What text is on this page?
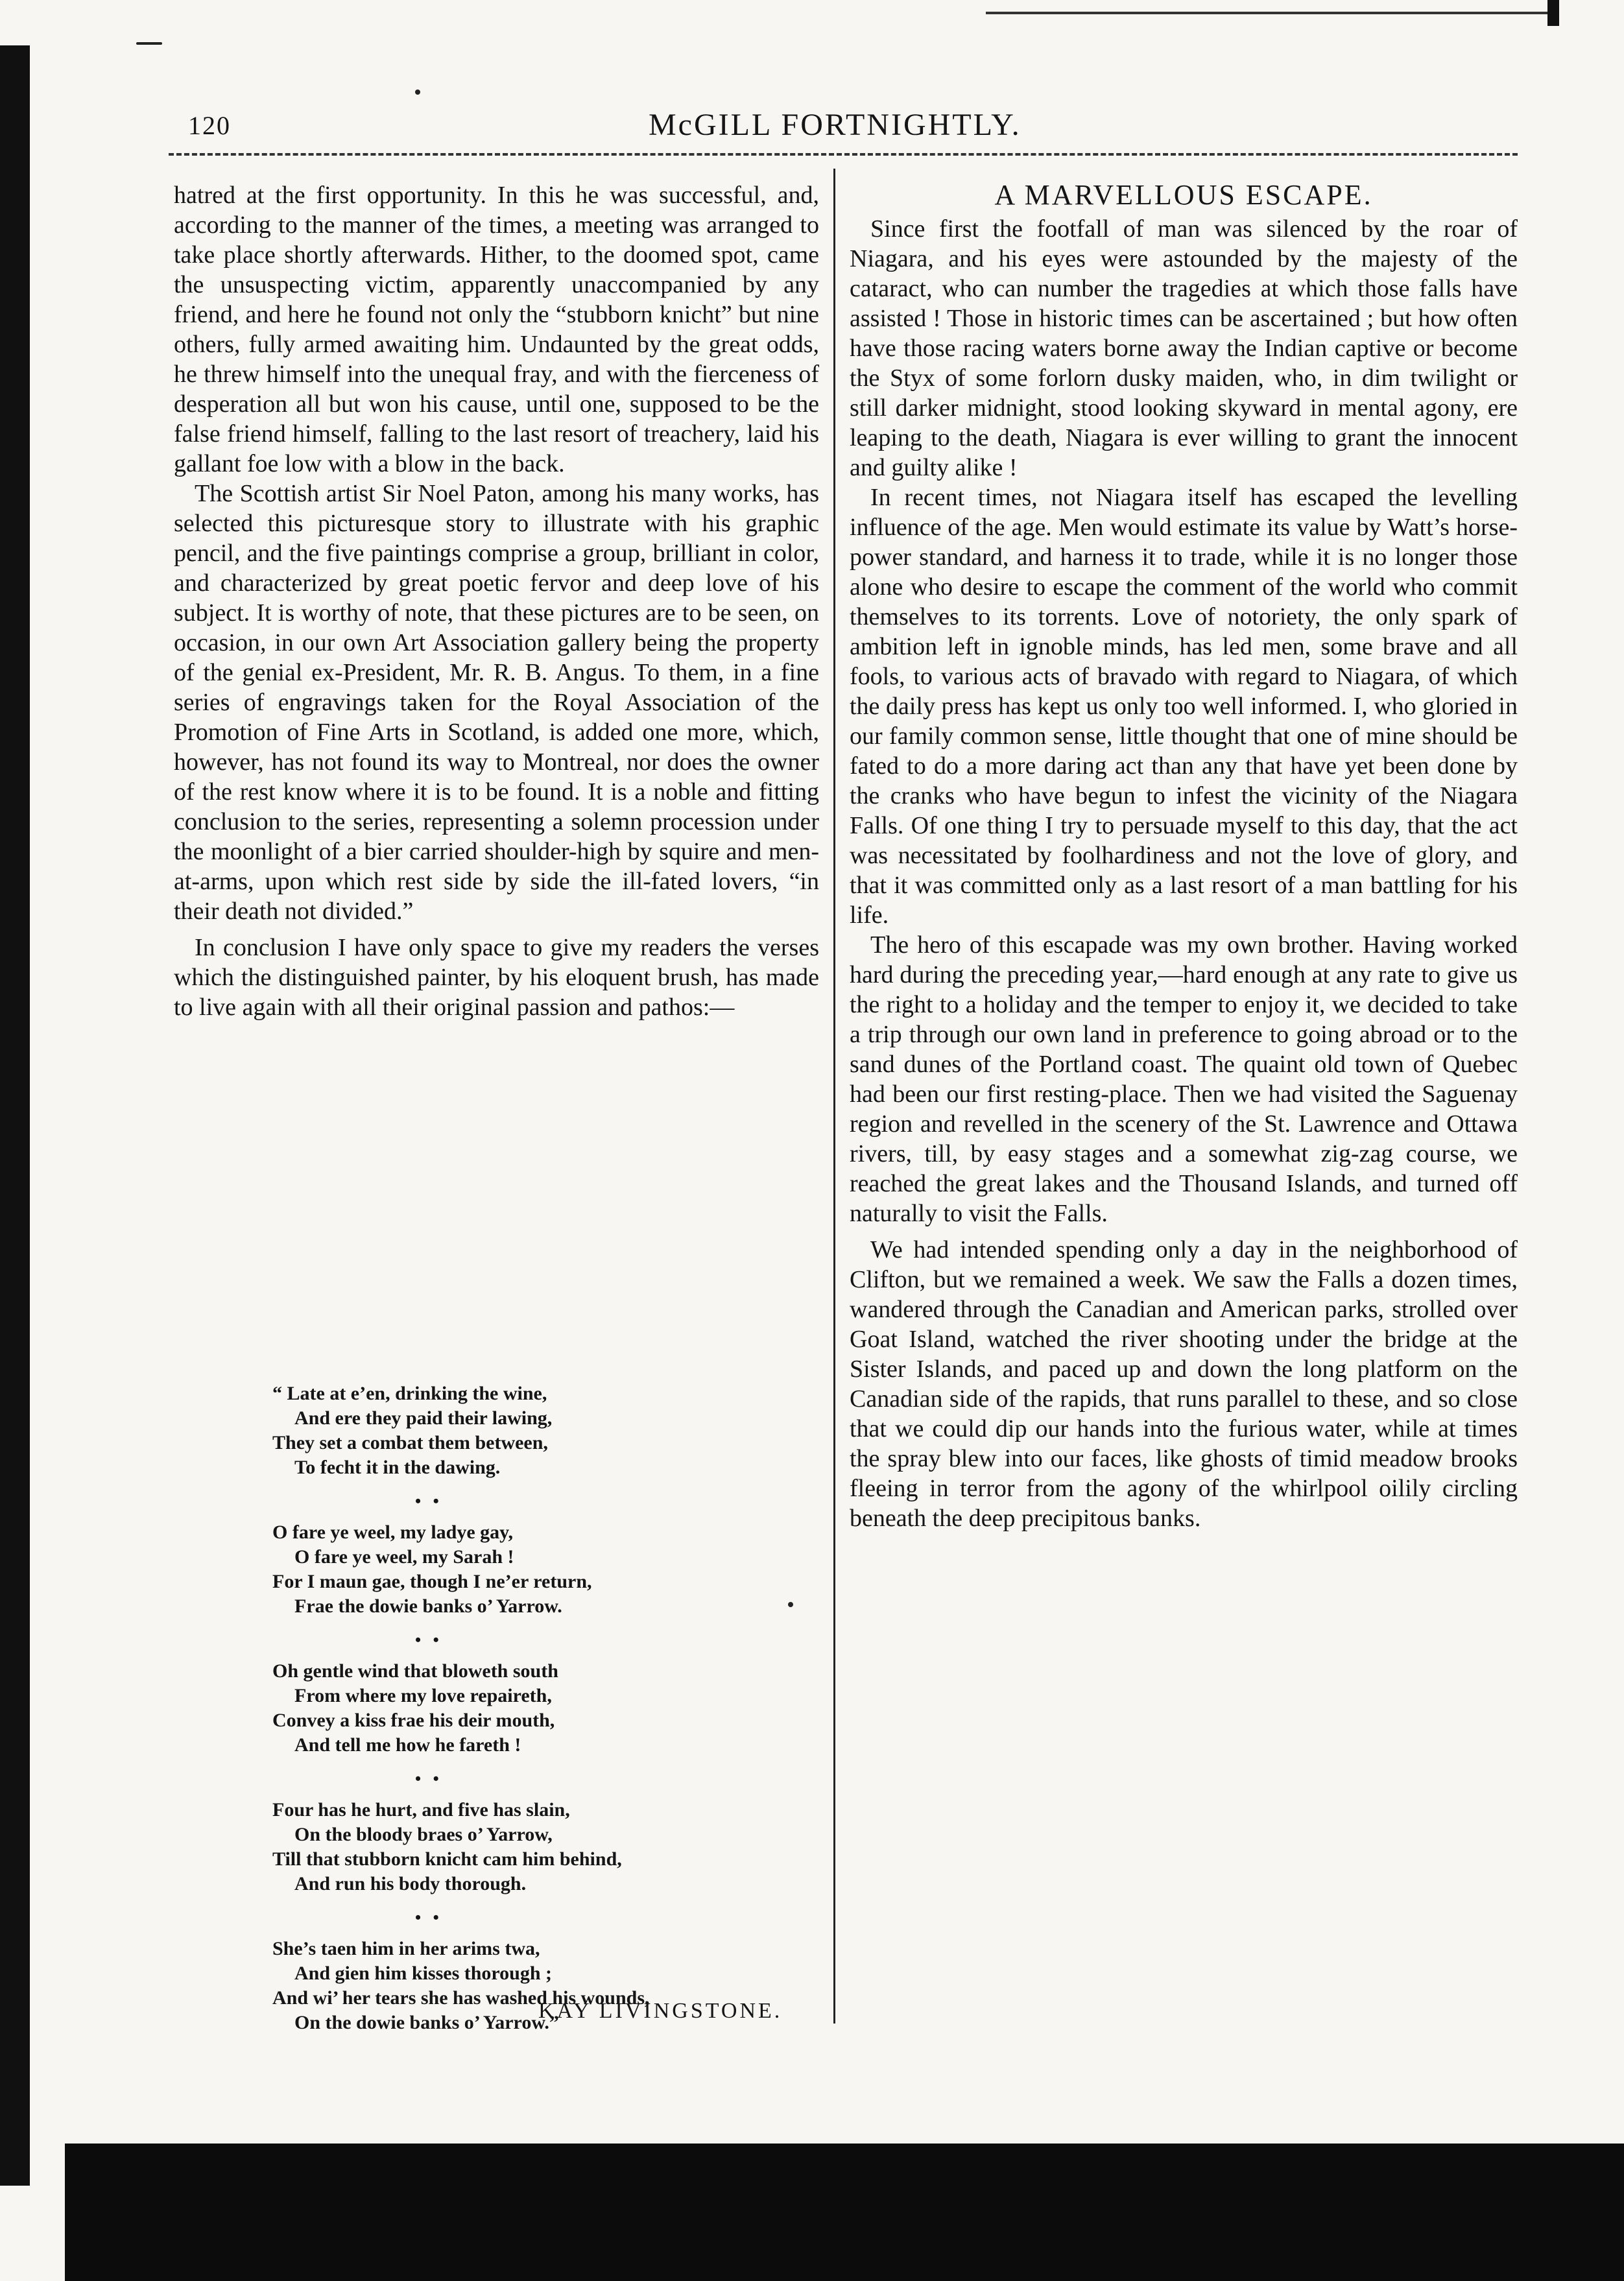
120	McGILL FORTNIGHTLY.

hatred at the first opportunity. In this he was successful, and, according to the manner of the times, a meeting was arranged to take place shortly afterwards. Hither, to the doomed spot, came the unsuspecting victim, apparently unaccompanied by any friend, and here he found not only the “stubborn knicht” but nine others, fully armed awaiting him. Undaunted by the great odds, he threw himself into the unequal fray, and with the fierceness of desperation all but won his cause, until one, supposed to be the false friend himself, falling to the last resort of treachery, laid his gallant foe low with a blow in the back.

The Scottish artist Sir Noel Paton, among his many works, has selected this picturesque story to illustrate with his graphic pencil, and the five paintings comprise a group, brilliant in color, and characterized by great poetic fervor and deep love of his subject. It is worthy of note, that these pictures are to be seen, on occasion, in our own Art Association gallery being the property of the genial ex-President, Mr. R. B. Angus. To them, in a fine series of engravings taken for the Royal Association of the Promotion of Fine Arts in Scotland, is added one more, which, however, has not found its way to Montreal, nor does the owner of the rest know where it is to be found. It is a noble and fitting conclusion to the series, representing a solemn procession under the moonlight of a bier carried shoulder-high by squire and men-at-arms, upon which rest side by side the ill-fated lovers, “in their death not divided.”

In conclusion I have only space to give my readers the verses which the distinguished painter, by his eloquent brush, has made to live again with all their original passion and pathos:—

“ Late at e’en, drinking the wine,
And ere they paid their lawing,
They set a combat them between,
To fecht it in the dawing.
• •
O fare ye weel, my ladye gay,
O fare ye weel, my Sarah !
For I maun gae, though I ne’er return,
Frae the dowie banks o’ Yarrow.
• •
Oh gentle wind that bloweth south
From where my love repaireth,
Convey a kiss frae his deir mouth,
And tell me how he fareth !
• •
Four has he hurt, and five has slain,
On the bloody braes o’ Yarrow,
Till that stubborn knicht cam him behind,
And run his body thorough.
• •
She’s taen him in her arims twa,
And gien him kisses thorough ;
And wi’ her tears she has washed his wounds,
On the dowie banks o’ Yarrow.”
KAY LIVINGSTONE.
A MARVELLOUS ESCAPE.

Since first the footfall of man was silenced by the roar of Niagara, and his eyes were astounded by the majesty of the cataract, who can number the tragedies at which those falls have assisted ! Those in historic times can be ascertained ; but how often have those racing waters borne away the Indian captive or become the Styx of some forlorn dusky maiden, who, in dim twilight or still darker midnight, stood looking skyward in mental agony, ere leaping to the death, Niagara is ever willing to grant the innocent and guilty alike !

In recent times, not Niagara itself has escaped the levelling influence of the age. Men would estimate its value by Watt’s horse-power standard, and harness it to trade, while it is no longer those alone who desire to escape the comment of the world who commit themselves to its torrents. Love of notoriety, the only spark of ambition left in ignoble minds, has led men, some brave and all fools, to various acts of bravado with regard to Niagara, of which the daily press has kept us only too well informed. I, who gloried in our family common sense, little thought that one of mine should be fated to do a more daring act than any that have yet been done by the cranks who have begun to infest the vicinity of the Niagara Falls. Of one thing I try to persuade myself to this day, that the act was necessitated by foolhardiness and not the love of glory, and that it was committed only as a last resort of a man battling for his life.

The hero of this escapade was my own brother. Having worked hard during the preceding year,—hard enough at any rate to give us the right to a holiday and the temper to enjoy it, we decided to take a trip through our own land in preference to going abroad or to the sand dunes of the Portland coast. The quaint old town of Quebec had been our first resting-place. Then we had visited the Saguenay region and revelled in the scenery of the St. Lawrence and Ottawa rivers, till, by easy stages and a somewhat zig-zag course, we reached the great lakes and the Thousand Islands, and turned off naturally to visit the Falls.

We had intended spending only a day in the neighborhood of Clifton, but we remained a week. We saw the Falls a dozen times, wandered through the Canadian and American parks, strolled over Goat Island, watched the river shooting under the bridge at the Sister Islands, and paced up and down the long platform on the Canadian side of the rapids, that runs parallel to these, and so close that we could dip our hands into the furious water, while at times the spray blew into our faces, like ghosts of timid meadow brooks fleeing in terror from the agony of the whirlpool oilily circling beneath the deep precipitous banks.
